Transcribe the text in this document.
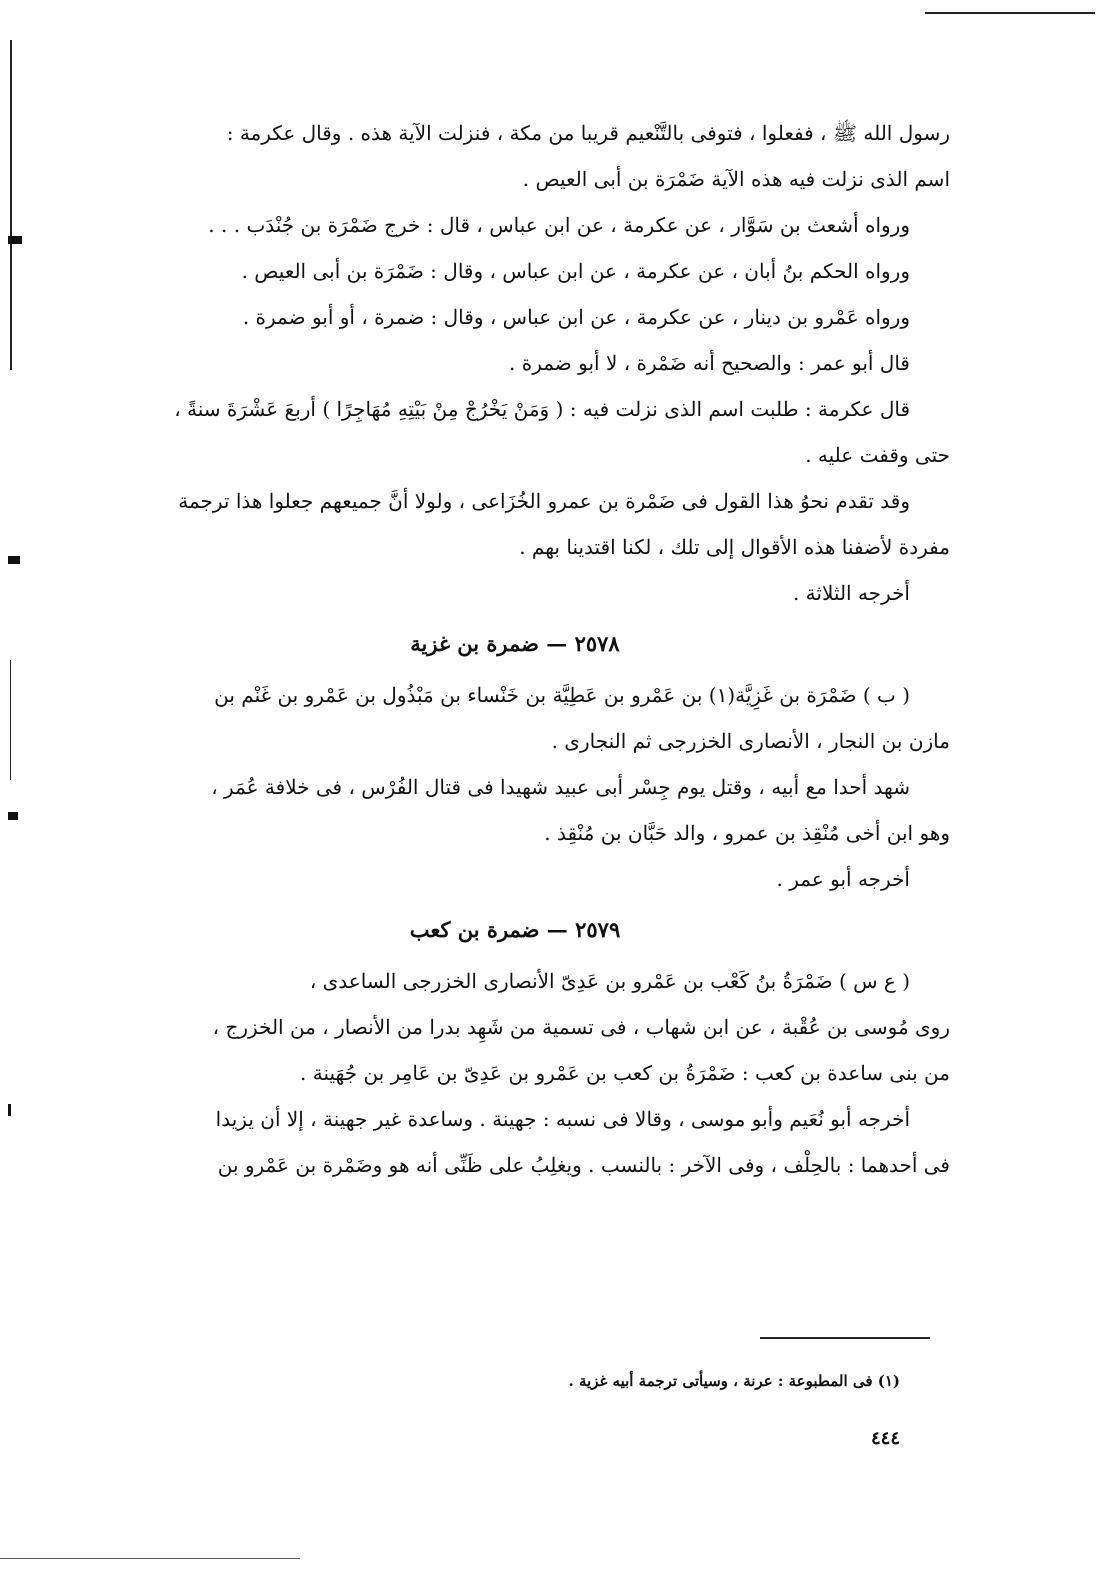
رسول الله ﷺ ، ففعلوا ، فتوفى بالتَّنْعيم قريبا من مكة ، فنزلت الآية هذه . وقال عكرمة :
اسم الذى نزلت فيه هذه الآية ضَمْرَة بن أبى العيص .
ورواه أشعث بن سَوَّار ، عن عكرمة ، عن ابن عباس ، قال : خرج ضَمْرَة بن جُنْدَب . . .
ورواه الحكم بنُ أبان ، عن عكرمة ، عن ابن عباس ، وقال : ضَمْرَة بن أبى العيص .
ورواه عَمْرو بن دينار ، عن عكرمة ، عن ابن عباس ، وقال : ضمرة ، أو أبو ضمرة .
قال أبو عمر : والصحيح أنه ضَمْرة ، لا أبو ضمرة .
قال عكرمة : طلبت اسم الذى نزلت فيه : ( وَمَنْ يَخْرُجْ مِنْ بَيْتِهِ مُهَاجِرًا ) أربعَ عَشْرَةَ سنةً ،
حتى وقفت عليه .
وقد تقدم نحوُ هذا القول فى ضَمْرة بن عمرو الخُزَاعى ، ولولا أنَّ جميعهم جعلوا هذا ترجمة
مفردة لأضفنا هذه الأقوال إلى تلك ، لكنا اقتدينا بهم .
أخرجه الثلاثة .
٢٥٧٨ — ضمرة بن غزية
( ب ) ضَمْرَة بن غَزِيَّة(١) بن عَمْرو بن عَطِيَّة بن خَنْساء بن مَبْذُول بن عَمْرو بن غَنْم بن
مازن بن النجار ، الأنصارى الخزرجى ثم النجارى .
شهد أحدا مع أبيه ، وقتل يوم جِسْر أبى عبيد شهيدا فى قتال الفُرْس ، فى خلافة عُمَر ،
وهو ابن أخى مُنْقِذ بن عمرو ، والد حَبَّان بن مُنْقِذ .
أخرجه أبو عمر .
٢٥٧٩ — ضمرة بن كعب
( ع س ) ضَمْرَةُ بنُ كَعْب بن عَمْرو بن عَدِىّ الأنصارى الخزرجى الساعدى ،
روى مُوسى بن عُقْبة ، عن ابن شهاب ، فى تسمية من شَهِد بدرا من الأنصار ، من الخزرج ،
من بنى ساعدة بن كعب : ضَمْرَةُ بن كعب بن عَمْرو بن عَدِىّ بن عَامِر بن جُهَينة .
أخرجه أبو نُعَيم وأبو موسى ، وقالا فى نسبه : جهينة . وساعدة غير جهينة ، إلا أن يزيدا
فى أحدهما : بالحِلْف ، وفى الآخر : بالنسب . ويغلِبُ على ظَنِّى أنه هو وضَمْرة بن عَمْرو بن
(١) فى المطبوعة : عرنة ، وسيأتى ترجمة أبيه غزية .
٤٤٤
